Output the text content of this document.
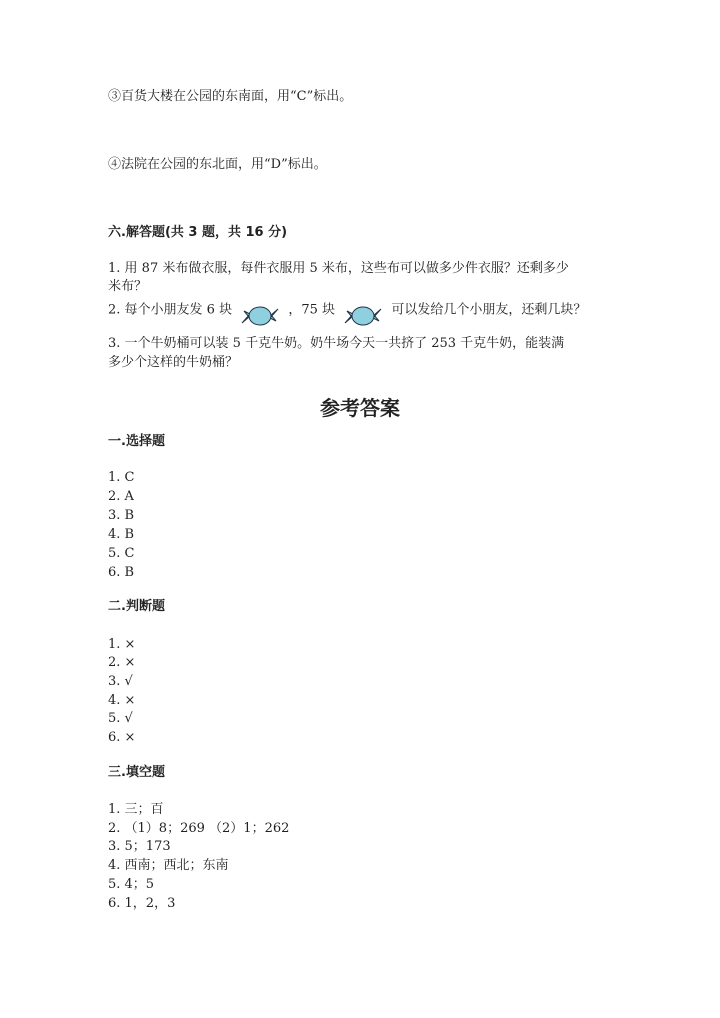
③百货大楼在公园的东南面，用“C”标出。
④法院在公园的东北面，用“D”标出。
六.解答题(共 3 题，共 16 分)
1. 用 87 米布做衣服，每件衣服用 5 米布，这些布可以做多少件衣服？还剩多少
米布？
2. 每个小朋友发 6 块	，75 块	可以发给几个小朋友，还剩几块？
3. 一个牛奶桶可以装 5 千克牛奶。奶牛场今天一共挤了 253 千克牛奶，能装满
多少个这样的牛奶桶？
参考答案
一.选择题
1. C
2. A
3. B
4. B
5. C
6. B
二.判断题
1. ×
2. ×
3. √
4. ×
5. √
6. ×
三.填空题
1. 三；百
2. （1）8；269 （2）1；262
3. 5；173
4. 西南；西北；东南
5. 4；5
6. 1，2，3
